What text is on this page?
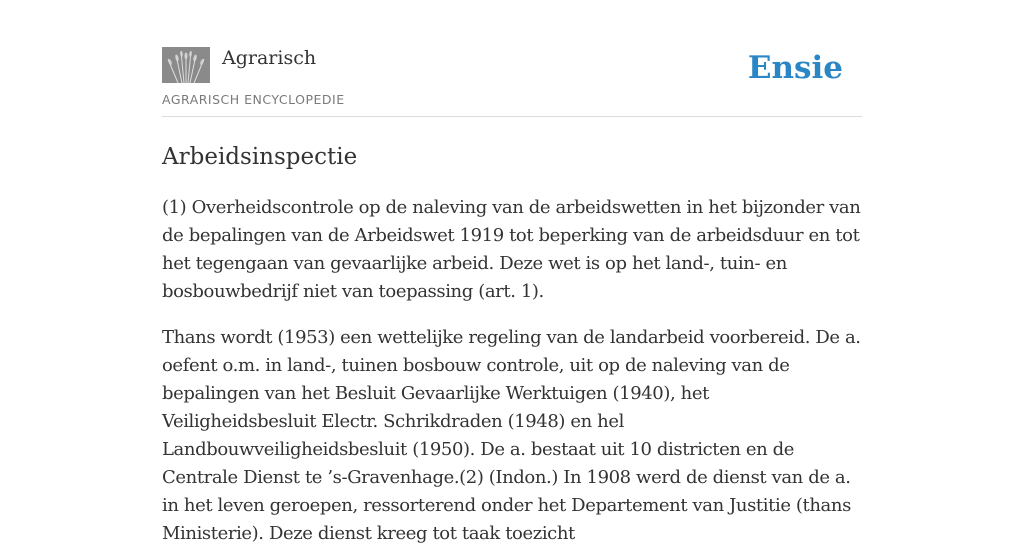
Agrarisch
AGRARISCH ENCYCLOPEDIE
Ensie
Arbeidsinspectie

(1) Overheidscontrole op de naleving van de arbeidswetten in het bijzonder van de bepalingen van de Arbeidswet 1919 tot beperking van de arbeidsduur en tot het tegengaan van gevaarlijke arbeid. Deze wet is op het land-, tuin- en bosbouwbedrijf niet van toepassing (art. 1).

Thans wordt (1953) een wettelijke regeling van de landarbeid voorbereid. De a. oefent o.m. in land-, tuinen bosbouw controle, uit op de naleving van de bepalingen van het Besluit Gevaarlijke Werktuigen (1940), het Veiligheidsbesluit Electr. Schrikdraden (1948) en hel Landbouwveiligheidsbesluit (1950). De a. bestaat uit 10 districten en de Centrale Dienst te ’s-Gravenhage.(2) (Indon.) In 1908 werd de dienst van de a. in het leven geroepen, ressorterend onder het Departement van Justitie (thans Ministerie). Deze dienst kreeg tot taak toezicht
